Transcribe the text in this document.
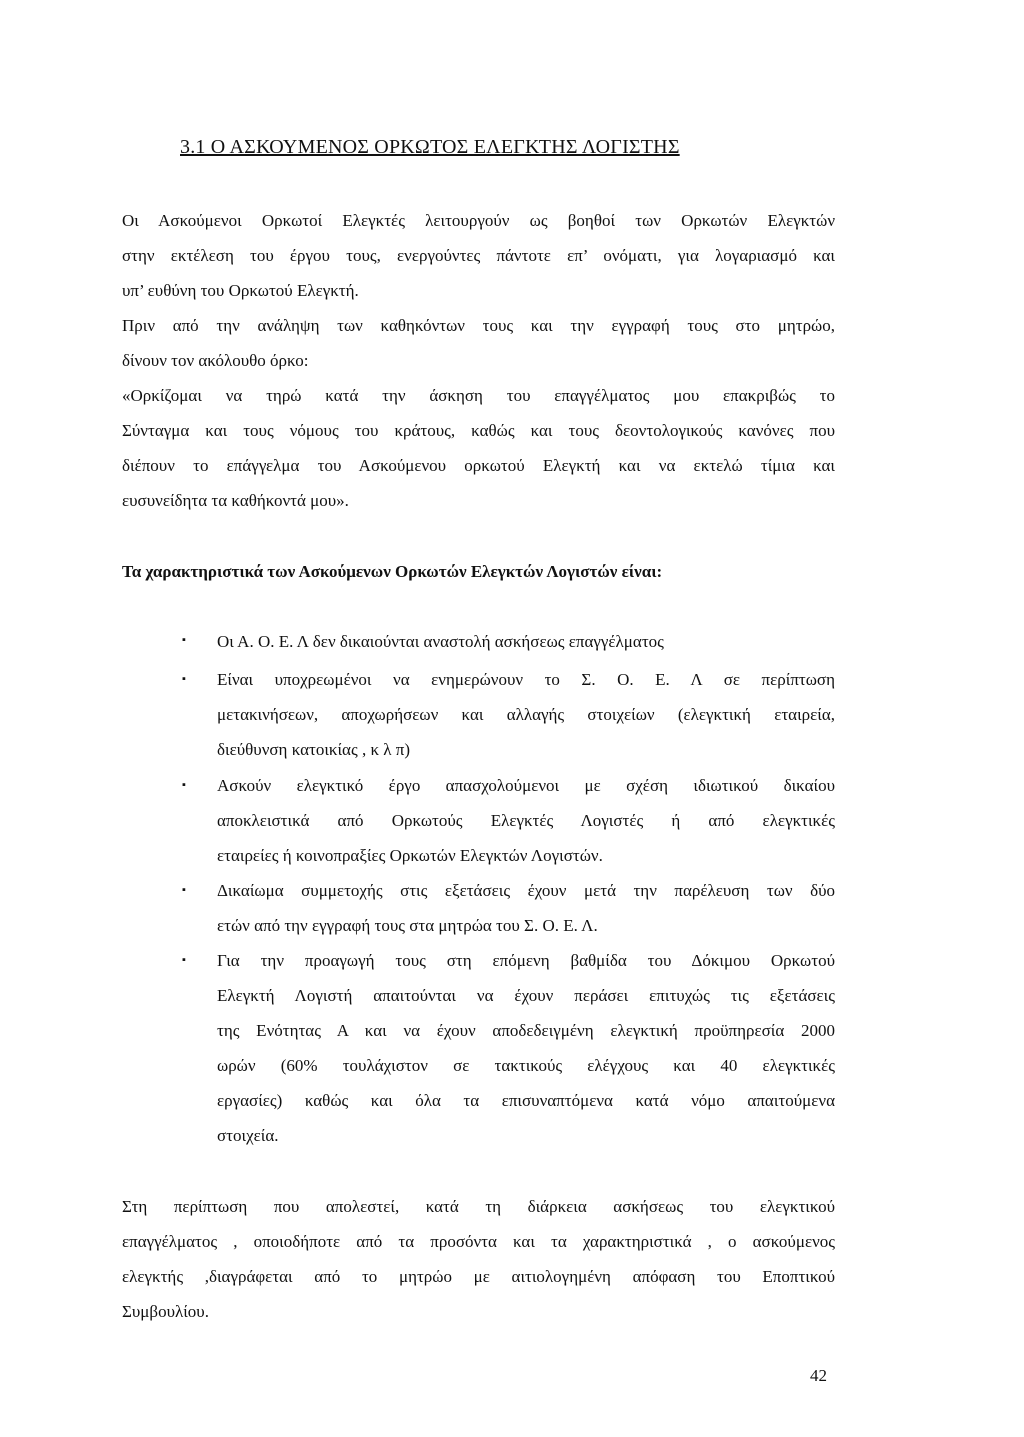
3.1 Ο ΑΣΚΟΥΜΕΝΟΣ ΟΡΚΩΤΟΣ ΕΛΕΓΚΤΗΣ ΛΟΓΙΣΤΗΣ
Οι Ασκούμενοι Ορκωτοί Ελεγκτές λειτουργούν ως βοηθοί των Ορκωτών Ελεγκτών
στην εκτέλεση του έργου τους, ενεργούντες πάντοτε επ’ ονόματι, για λογαριασμό και
υπ’ ευθύνη του Ορκωτού Ελεγκτή.
Πριν από την ανάληψη των καθηκόντων τους και την εγγραφή τους στο μητρώο,
δίνουν τον ακόλουθο όρκο:
«Ορκίζομαι να τηρώ κατά την άσκηση του επαγγέλματος μου επακριβώς το
Σύνταγμα και τους νόμους του κράτους, καθώς και τους δεοντολογικούς κανόνες που
διέπουν το επάγγελμα του Ασκούμενου ορκωτού Ελεγκτή και να εκτελώ τίμια και
ευσυνείδητα τα καθήκοντά μου».
Τα χαρακτηριστικά των Ασκούμενων Ορκωτών Ελεγκτών Λογιστών είναι:
▪ Οι Α. Ο. Ε. Λ δεν δικαιούνται αναστολή ασκήσεως επαγγέλματος
▪ Είναι υποχρεωμένοι να ενημερώνουν το Σ. Ο. Ε. Λ σε περίπτωση
μετακινήσεων, αποχωρήσεων και αλλαγής στοιχείων (ελεγκτική εταιρεία,
διεύθυνση κατοικίας , κ λ π)
▪ Ασκούν ελεγκτικό έργο απασχολούμενοι με σχέση ιδιωτικού δικαίου
αποκλειστικά από Ορκωτούς Ελεγκτές Λογιστές ή από ελεγκτικές
εταιρείες ή κοινοπραξίες Ορκωτών Ελεγκτών Λογιστών.
▪ Δικαίωμα συμμετοχής στις εξετάσεις έχουν μετά την παρέλευση των δύο
ετών από την εγγραφή τους στα μητρώα του Σ. Ο. Ε. Λ.
▪ Για την προαγωγή τους στη επόμενη βαθμίδα του Δόκιμου Ορκωτού
Ελεγκτή Λογιστή απαιτούνται να έχουν περάσει επιτυχώς τις εξετάσεις
της Ενότητας Α και να έχουν αποδεδειγμένη ελεγκτική προϋπηρεσία 2000
ωρών (60% τουλάχιστον σε τακτικούς ελέγχους και 40 ελεγκτικές
εργασίες) καθώς και όλα τα επισυναπτόμενα κατά νόμο απαιτούμενα
στοιχεία.
Στη περίπτωση που απολεστεί, κατά τη διάρκεια ασκήσεως του ελεγκτικού
επαγγέλματος , οποιοδήποτε από τα προσόντα και τα χαρακτηριστικά , ο ασκούμενος
ελεγκτής ,διαγράφεται από το μητρώο με αιτιολογημένη απόφαση του Εποπτικού
Συμβουλίου.
42
